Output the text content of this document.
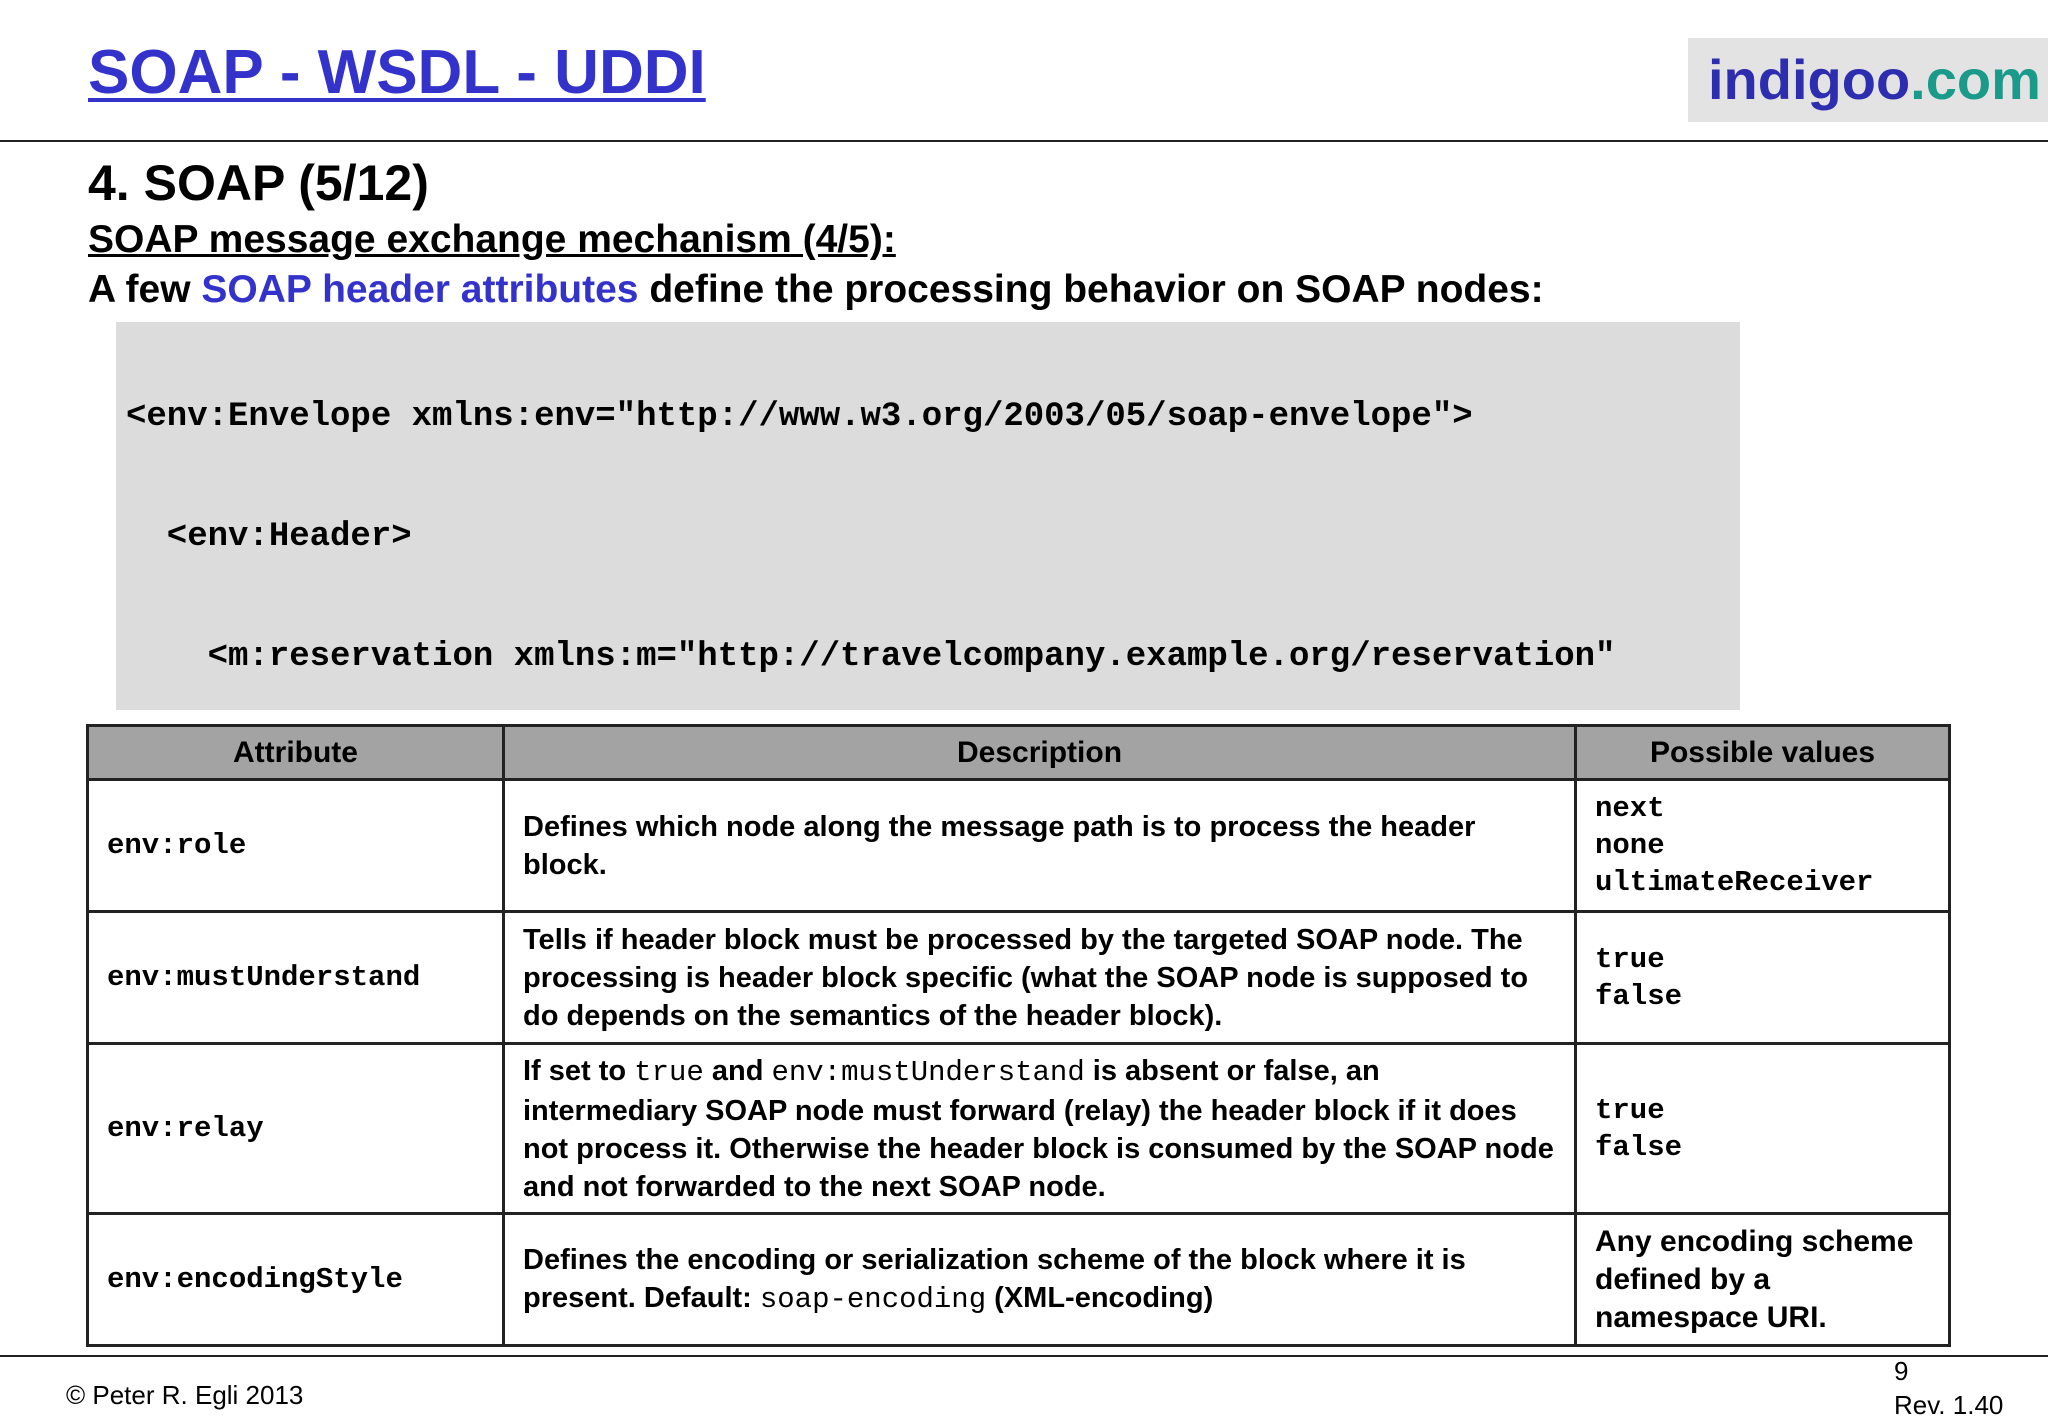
SOAP - WSDL - UDDI	indigoo.com
4. SOAP (5/12)
SOAP message exchange mechanism (4/5):
A few SOAP header attributes define the processing behavior on SOAP nodes:

<env:Envelope xmlns:env="http://www.w3.org/2003/05/soap-envelope">

<env:Header>

<m:reservation xmlns:m="http://travelcompany.example.org/reservation"

Attribute	Description	Possible values
env:role	Defines which node along the message path is to process the header block.	next
none
ultimateReceiver

env:mustUnderstand	Tells if header block must be processed by the targeted SOAP node. The processing is header block specific (what the SOAP node is supposed to do depends on the semantics of the header block).	true
false

env:relay	If set to true and env:mustUnderstand is absent or false, an intermediary SOAP node must forward (relay) the header block if it does not process it. Otherwise the header block is consumed by the SOAP node and not forwarded to the next SOAP node.	true
false

env:encodingStyle	Defines the encoding or serialization scheme of the block where it is present. Default: soap-encoding (XML-encoding)	Any encoding scheme defined by a namespace URI.
© Peter R. Egli 2013
9
Rev. 1.40
